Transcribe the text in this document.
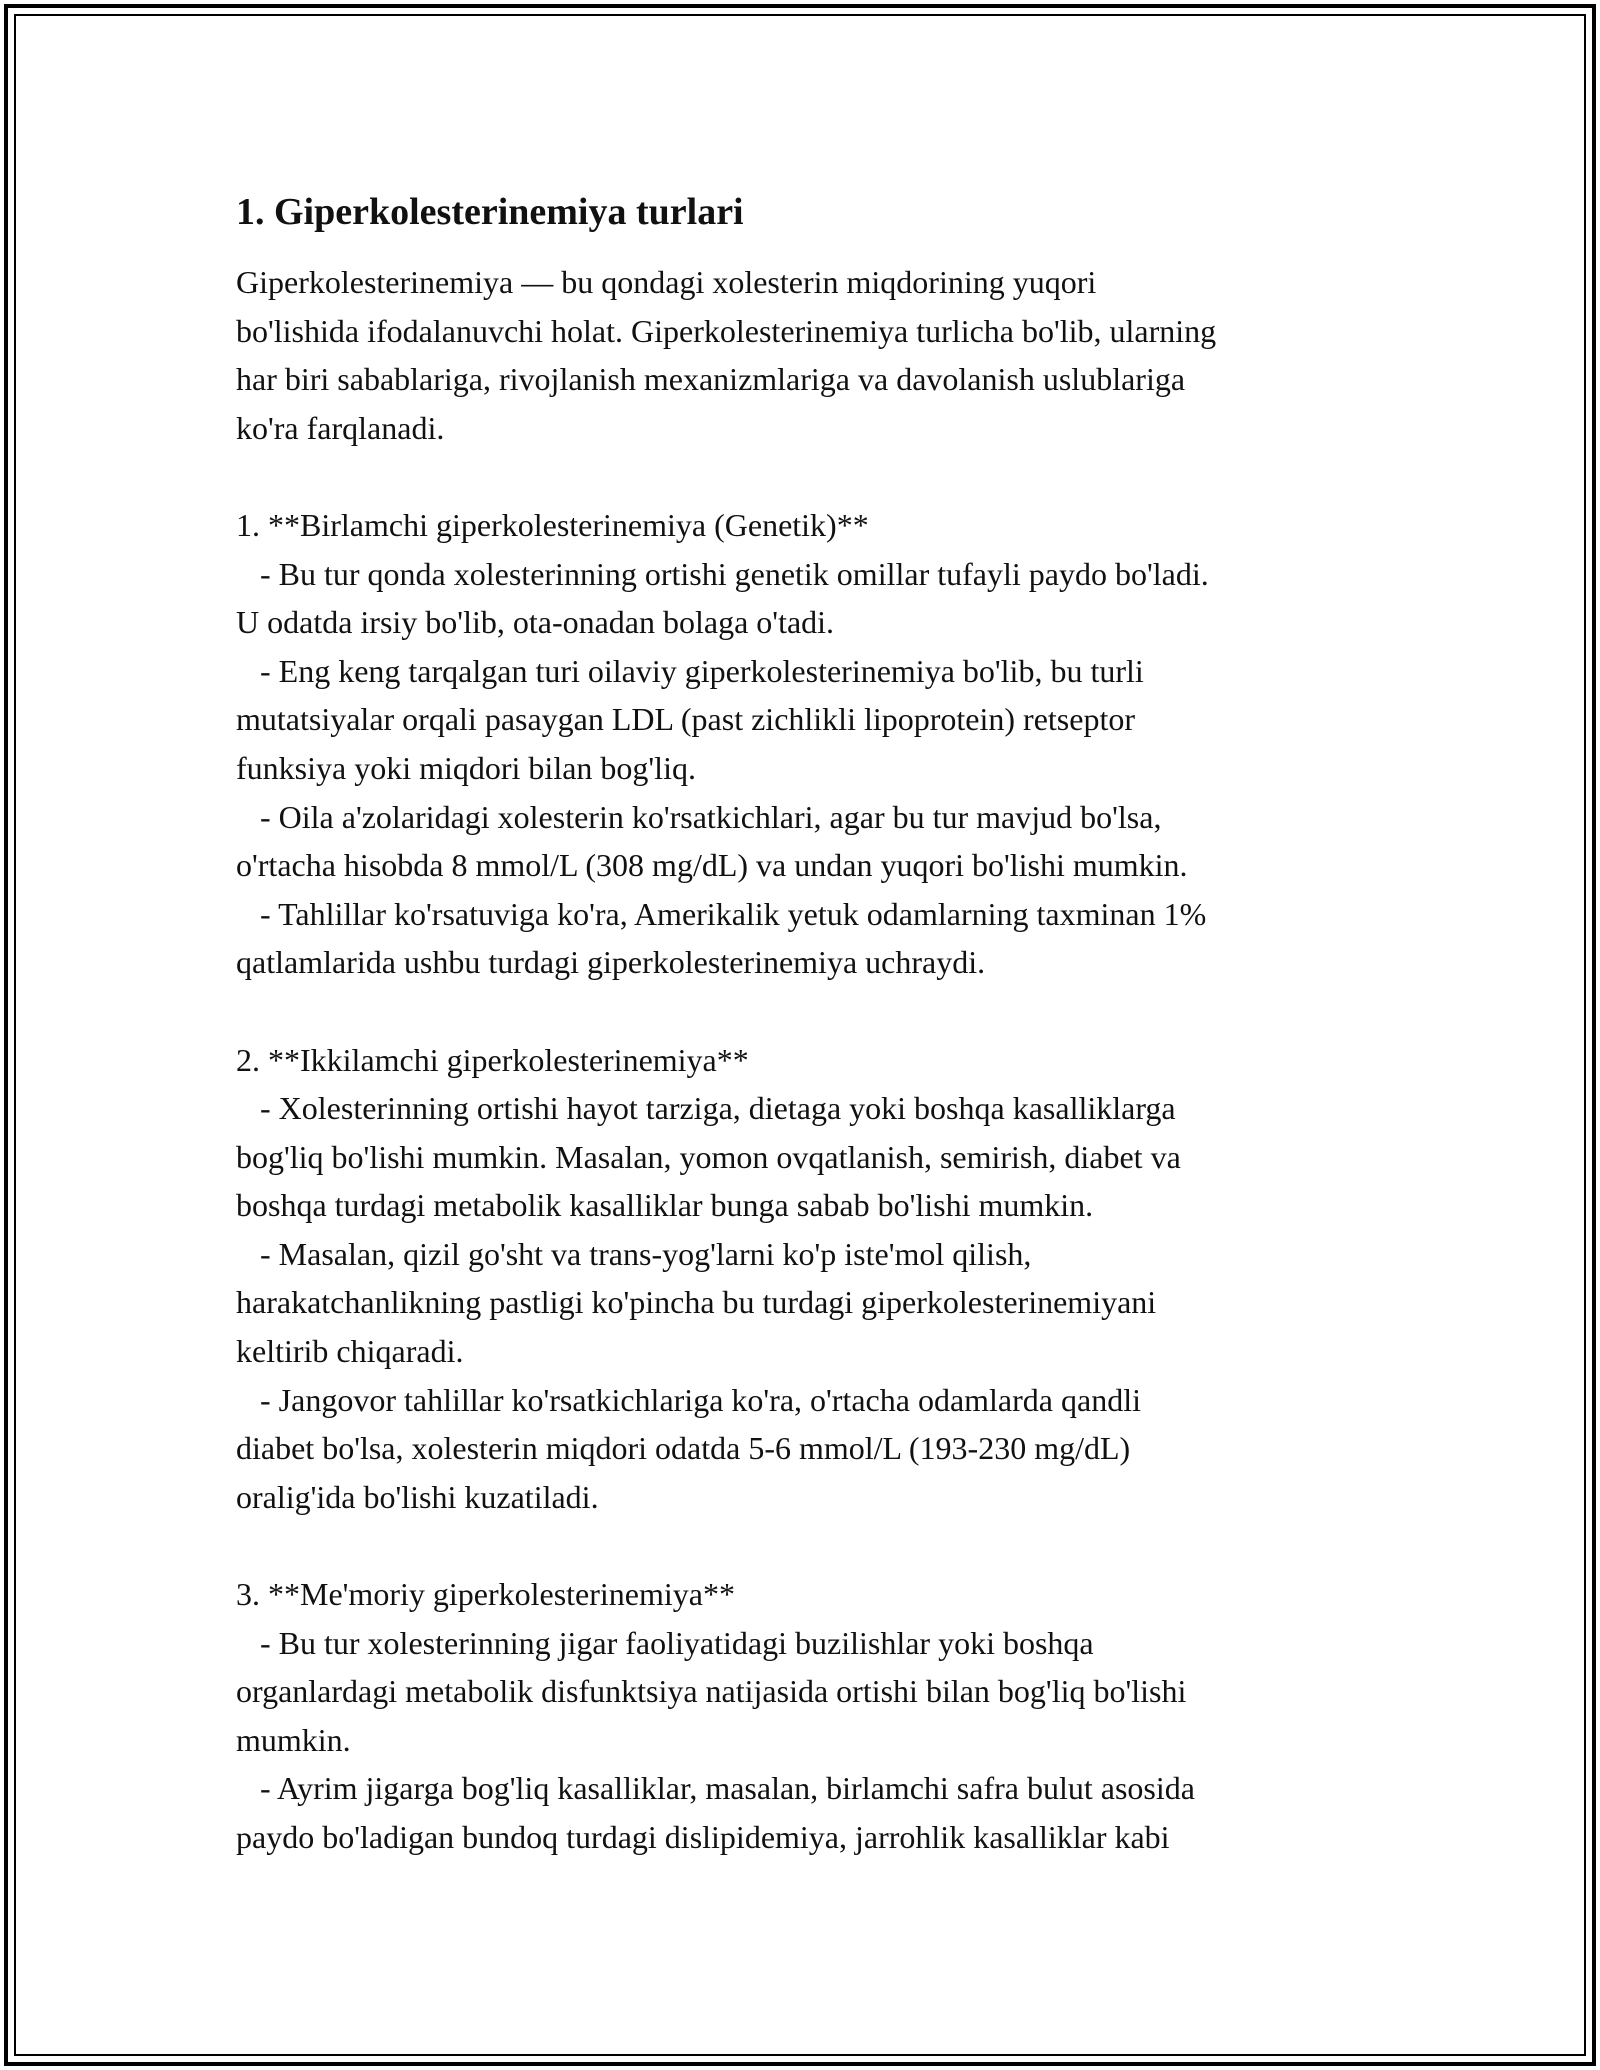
1. Giperkolesterinemiya turlari
Giperkolesterinemiya — bu qondagi xolesterin miqdorining yuqori
bo'lishida ifodalanuvchi holat. Giperkolesterinemiya turlicha bo'lib, ularning
har biri sabablariga, rivojlanish mexanizmlariga va davolanish uslublariga
ko'ra farqlanadi.
1. **Birlamchi giperkolesterinemiya (Genetik)**
- Bu tur qonda xolesterinning ortishi genetik omillar tufayli paydo bo'ladi.
U odatda irsiy bo'lib, ota-onadan bolaga o'tadi.
- Eng keng tarqalgan turi oilaviy giperkolesterinemiya bo'lib, bu turli
mutatsiyalar orqali pasaygan LDL (past zichlikli lipoprotein) retseptor
funksiya yoki miqdori bilan bog'liq.
- Oila a'zolaridagi xolesterin ko'rsatkichlari, agar bu tur mavjud bo'lsa,
o'rtacha hisobda 8 mmol/L (308 mg/dL) va undan yuqori bo'lishi mumkin.
- Tahlillar ko'rsatuviga ko'ra, Amerikalik yetuk odamlarning taxminan 1%
qatlamlarida ushbu turdagi giperkolesterinemiya uchraydi.
2. **Ikkilamchi giperkolesterinemiya**
- Xolesterinning ortishi hayot tarziga, dietaga yoki boshqa kasalliklarga
bog'liq bo'lishi mumkin. Masalan, yomon ovqatlanish, semirish, diabet va
boshqa turdagi metabolik kasalliklar bunga sabab bo'lishi mumkin.
- Masalan, qizil go'sht va trans-yog'larni ko'p iste'mol qilish,
harakatchanlikning pastligi ko'pincha bu turdagi giperkolesterinemiyani
keltirib chiqaradi.
- Jangovor tahlillar ko'rsatkichlariga ko'ra, o'rtacha odamlarda qandli
diabet bo'lsa, xolesterin miqdori odatda 5-6 mmol/L (193-230 mg/dL)
oralig'ida bo'lishi kuzatiladi.
3. **Me'moriy giperkolesterinemiya**
- Bu tur xolesterinning jigar faoliyatidagi buzilishlar yoki boshqa
organlardagi metabolik disfunktsiya natijasida ortishi bilan bog'liq bo'lishi
mumkin.
- Ayrim jigarga bog'liq kasalliklar, masalan, birlamchi safra bulut asosida
paydo bo'ladigan bundoq turdagi dislipidemiya, jarrohlik kasalliklar kabi
